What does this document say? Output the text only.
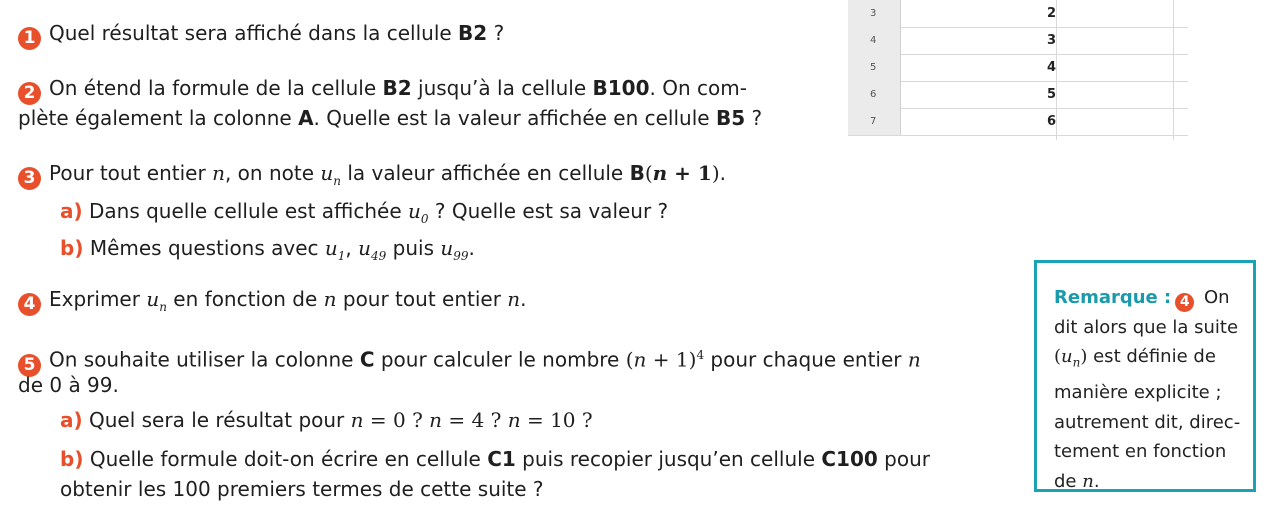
3	2
4	3
5	4
6	5
7	6
1 Quel résultat sera affiché dans la cellule B2 ?
2 On étend la formule de la cellule B2 jusqu’à la cellule B100. On com-
plète également la colonne A. Quelle est la valeur affichée en cellule B5 ?
3 Pour tout entier n, on note $u_n$ la valeur affichée en cellule B(n + 1).
a) Dans quelle cellule est affichée $u_0$ ? Quelle est sa valeur ?
b) Mêmes questions avec $u_1$, $u_{49}$ puis $u_{99}$.
4 Exprimer $u_n$ en fonction de n pour tout entier n.
5 On souhaite utiliser la colonne C pour calculer le nombre $(n + 1)^4$ pour chaque entier n
de 0 à 99.
a) Quel sera le résultat pour n = 0 ? n = 4 ? n = 10 ?
b) Quelle formule doit-on écrire en cellule C1 puis recopier jusqu’en cellule C100 pour
obtenir les 100 premiers termes de cette suite ?
Remarque : 4 On
dit alors que la suite
$(u_n)$ est définie de
manière explicite ;
autrement dit, direc-
tement en fonction
de n.
